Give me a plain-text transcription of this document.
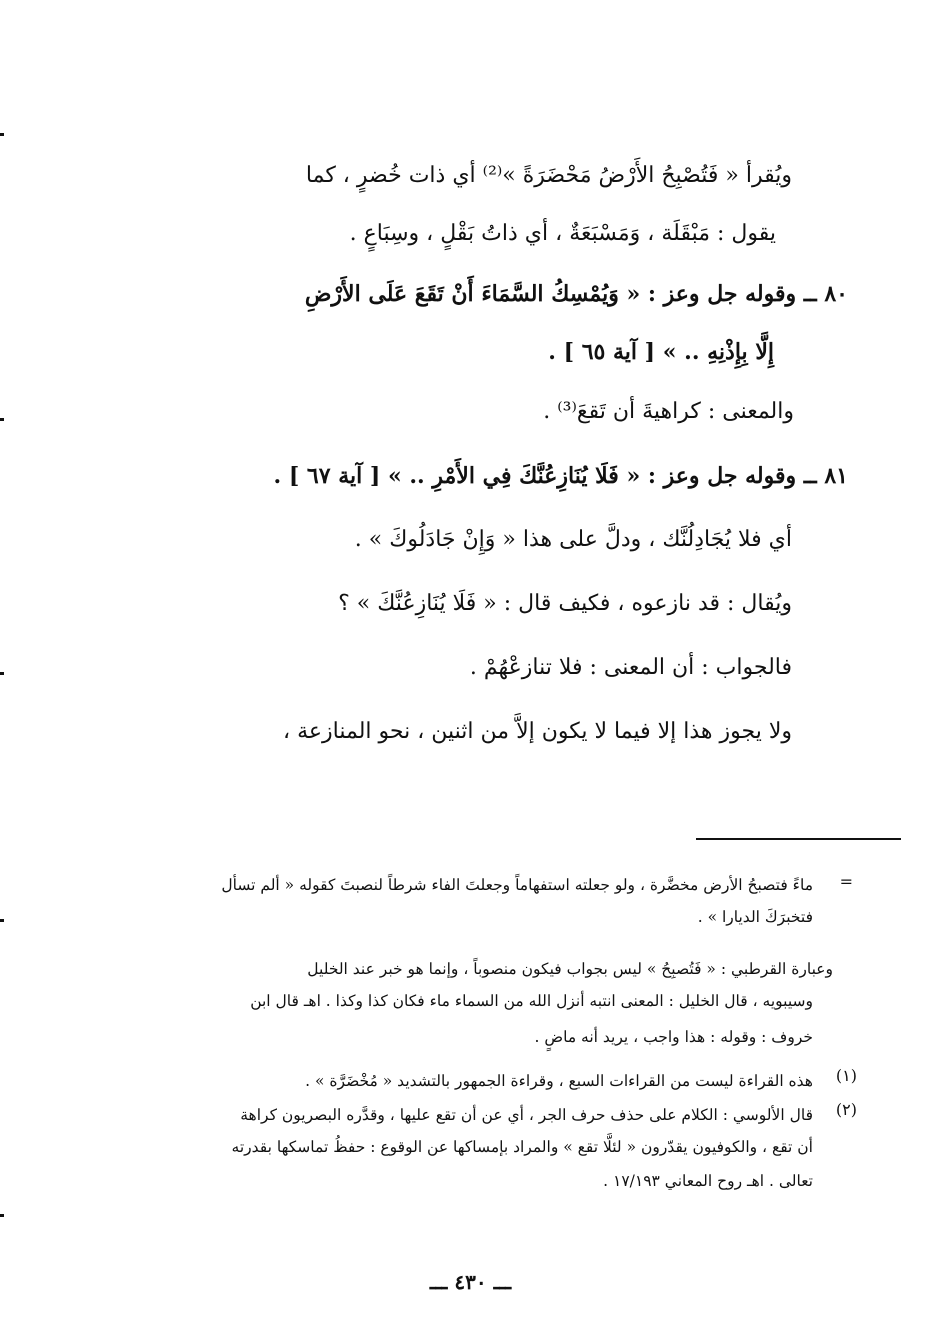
ويُقرأ « فَتُصْبِحُ الأَرْضُ مَحْضَرَةً »⁽²⁾ أي ذات خُضرٍ ، كما
يقول : مَبْقَلَة ، وَمَسْبَعَةٌ ، أي ذاتُ بَقْلٍ ، وسِبَاعٍ .
٨٠ ــ وقوله جل وعز : « وَيُمْسِكُ السَّمَاءَ أَنْ تَقَعَ عَلَى الأَرْضِ
إِلَّا بِإِذْنِهِ .. » [ آية ٦٥ ] .
والمعنى : كراهيةَ أن تَقعَ⁽³⁾ .
٨١ ــ وقوله جل وعز : « فَلَا يُنَازِعُنَّكَ فِي الأَمْرِ .. » [ آية ٦٧ ] .
أي فلا يُجَادِلُنَّك ، ودلَّ على هذا « وَإِنْ جَادَلُوكَ » .
ويُقال : قد نازعوه ، فكيف قال : « فَلَا يُنَازِعُنَّكَ » ؟
فالجواب : أن المعنى : فلا تنازعْهُمْ .
ولا يجوز هذا إلا فيما لا يكون إلاَّ من اثنين ، نحو المنازعة ،
=
ماءً فتصبحُ الأرض مخضَّرة ، ولو جعلته استفهاماً وجعلتَ الفاء شرطاً لنصبتَ كقوله « ألم تسأل
فتخبرَكَ الديارا » .
وعبارة القرطبي : « فَتُصبِحُ » ليس بجواب فيكون منصوباً ، وإنما هو خبر عند الخليل
وسيبويه ، قال الخليل : المعنى انتبه أنزل الله من السماء ماء فكان كذا وكذا . اهـ قال ابن
خروف : وقوله : هذا واجب ، يريد أنه ماضٍ .
هذه القراءة ليست من القراءات السبع ، وقراءة الجمهور بالتشديد « مُخْضَرَّة » .
قال الألوسي : الكلام على حذف حرف الجر ، أي عن أن تقع عليها ، وقدَّره البصريون كراهة
أن تقع ، والكوفيون يقدّرون « لئلَّا تقع » والمراد بإمساكها عن الوقوع : حفظُ تماسكها بقدرته
تعالى . اهـ روح المعاني ١٧/١٩٣ .
(١)
(٢)
ـــ ٤٣٠ ـــ
